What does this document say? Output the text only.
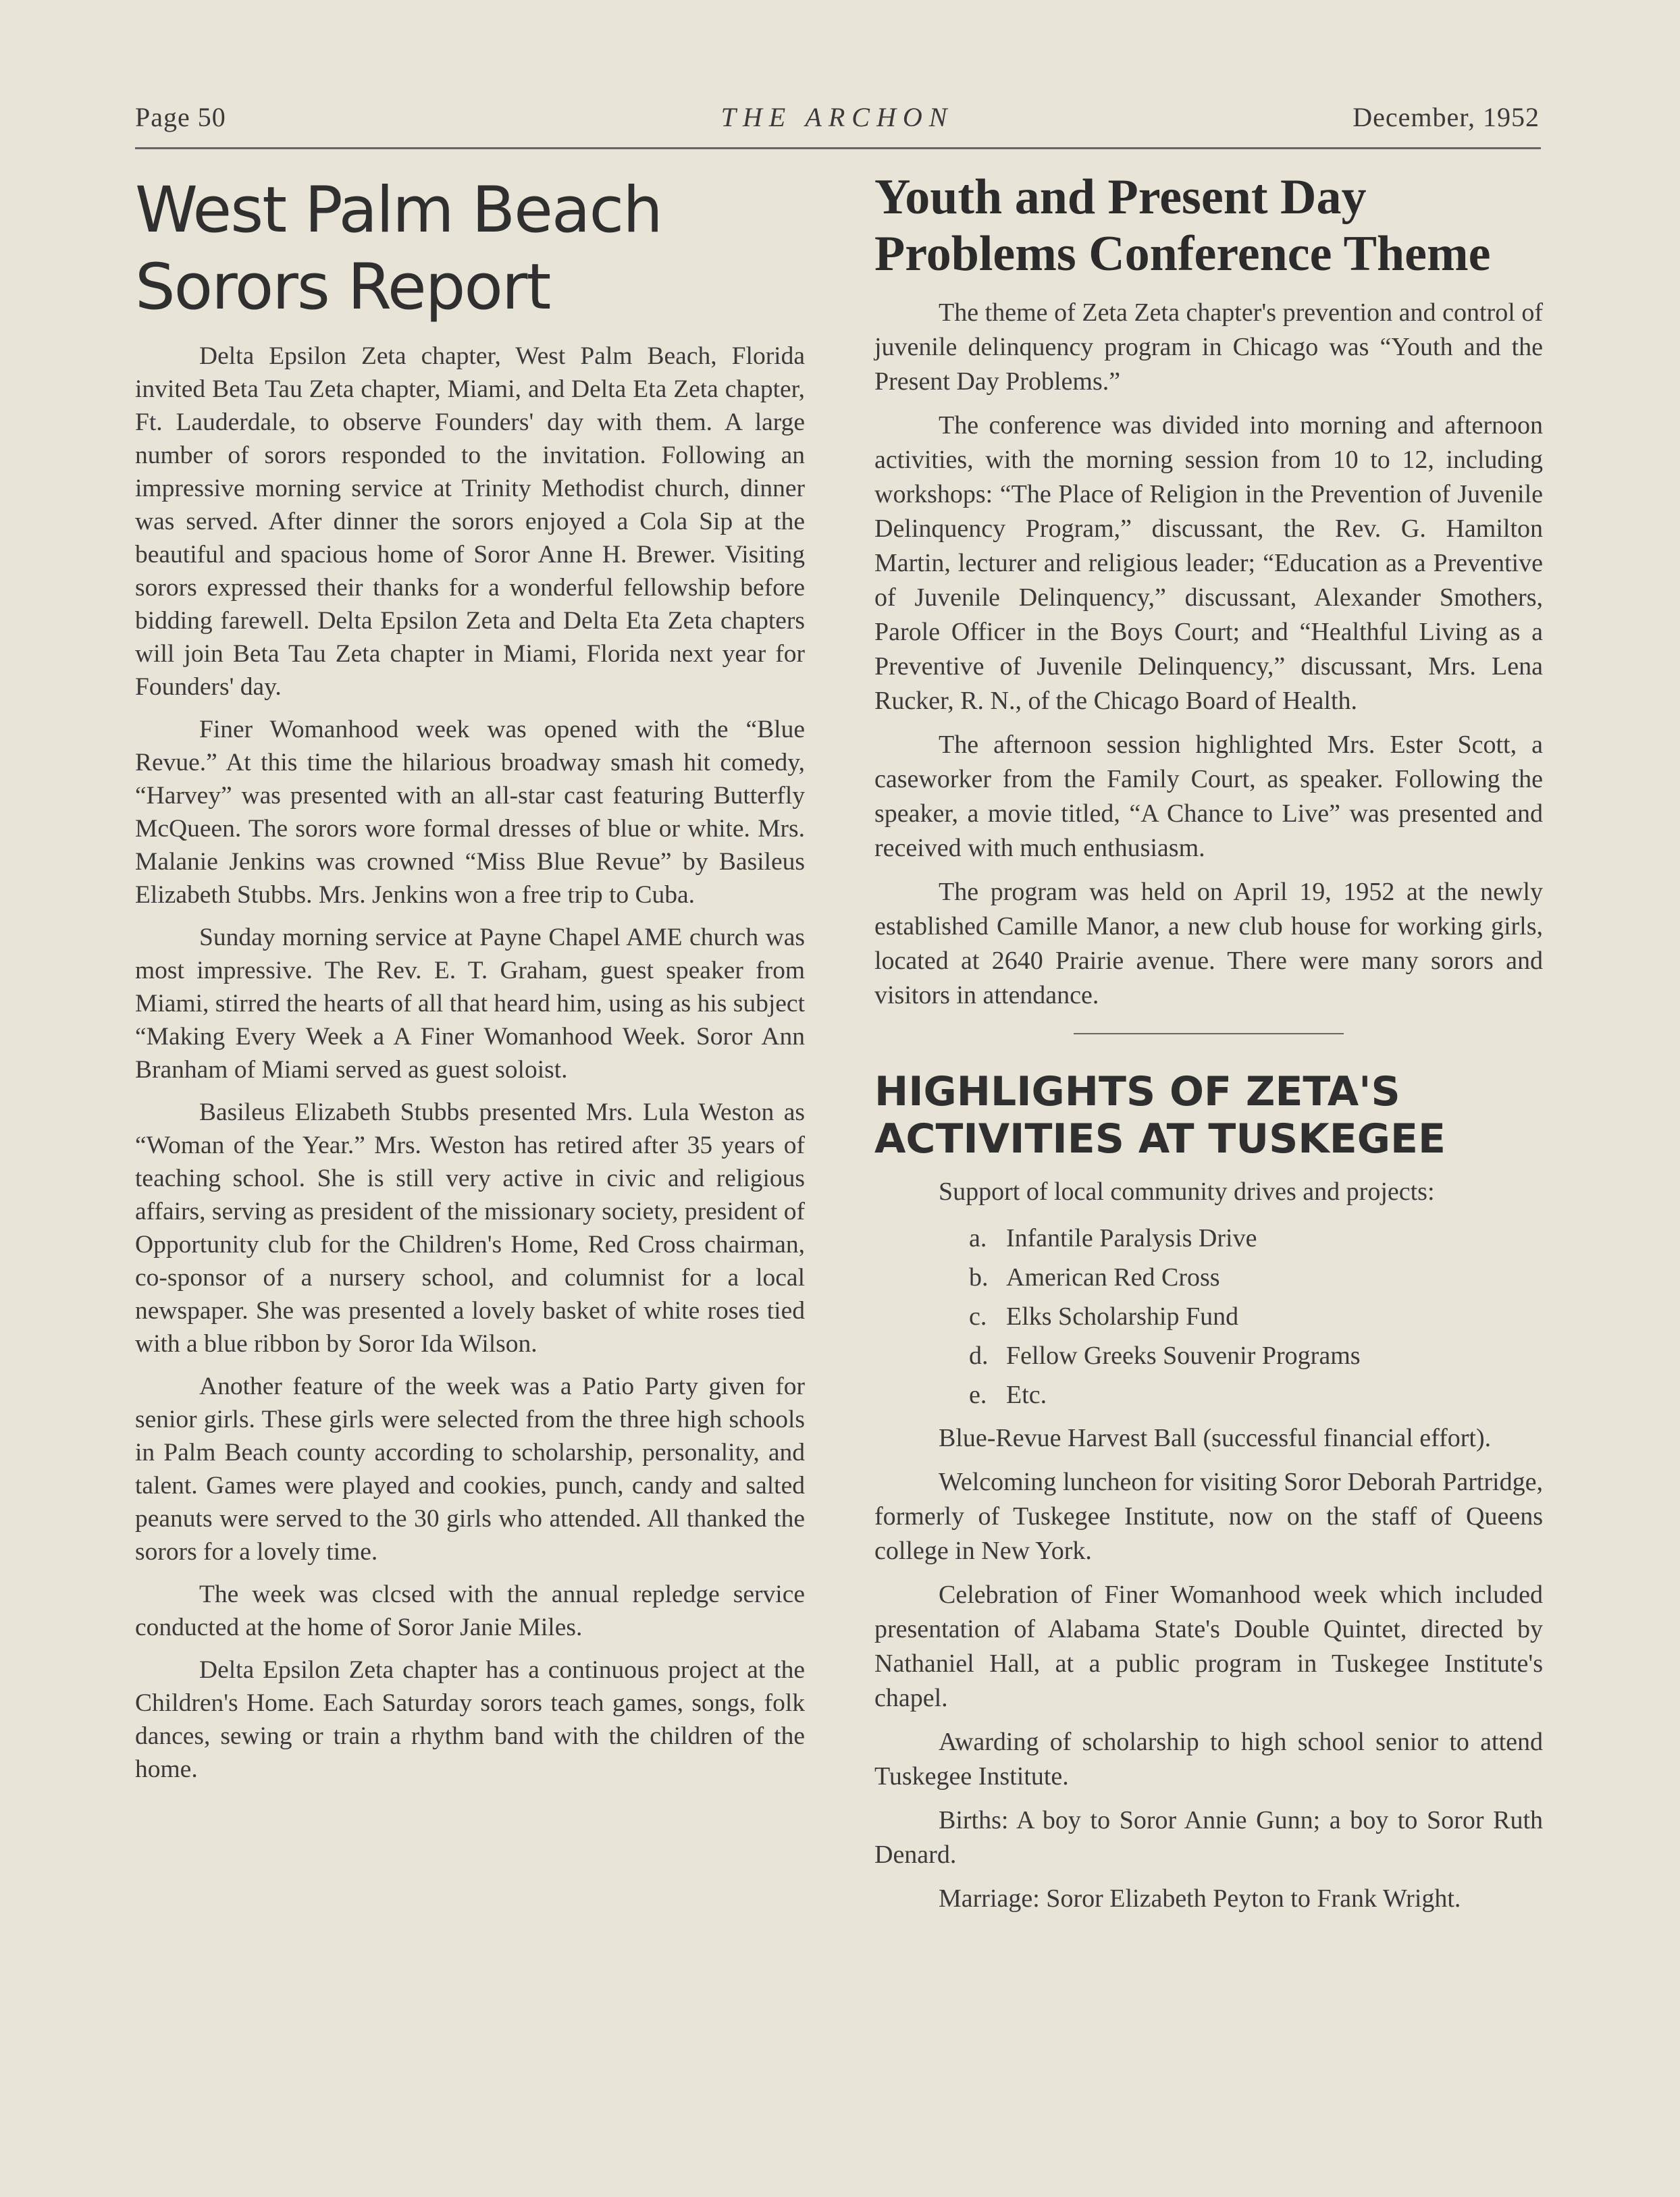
Page 50	THE ARCHON	December, 1952
West Palm Beach Sorors Report

Delta Epsilon Zeta chapter, West Palm Beach, Florida invited Beta Tau Zeta chapter, Miami, and Delta Eta Zeta chapter, Ft. Lauderdale, to observe Founders' day with them. A large number of sorors responded to the invitation. Following an impressive morning service at Trinity Methodist church, dinner was served. After dinner the sorors enjoyed a Cola Sip at the beautiful and spacious home of Soror Anne H. Brewer. Visiting sorors expressed their thanks for a wonderful fellowship before bidding farewell. Delta Epsilon Zeta and Delta Eta Zeta chapters will join Beta Tau Zeta chapter in Miami, Florida next year for Founders' day.

Finer Womanhood week was opened with the “Blue Revue.” At this time the hilarious broadway smash hit comedy, “Harvey” was presented with an all-star cast featuring Butterfly McQueen. The sorors wore formal dresses of blue or white. Mrs. Malanie Jenkins was crowned “Miss Blue Revue” by Basileus Elizabeth Stubbs. Mrs. Jenkins won a free trip to Cuba.

Sunday morning service at Payne Chapel AME church was most impressive. The Rev. E. T. Graham, guest speaker from Miami, stirred the hearts of all that heard him, using as his subject “Making Every Week a A Finer Womanhood Week. Soror Ann Branham of Miami served as guest soloist.

Basileus Elizabeth Stubbs presented Mrs. Lula Weston as “Woman of the Year.” Mrs. Weston has retired after 35 years of teaching school. She is still very active in civic and religious affairs, serving as president of the missionary society, president of Opportunity club for the Children's Home, Red Cross chairman, co-sponsor of a nursery school, and columnist for a local newspaper. She was presented a lovely basket of white roses tied with a blue ribbon by Soror Ida Wilson.

Another feature of the week was a Patio Party given for senior girls. These girls were selected from the three high schools in Palm Beach county according to scholarship, personality, and talent. Games were played and cookies, punch, candy and salted peanuts were served to the 30 girls who attended. All thanked the sorors for a lovely time.

The week was clcsed with the annual repledge service conducted at the home of Soror Janie Miles.

Delta Epsilon Zeta chapter has a continuous project at the Children's Home. Each Saturday sorors teach games, songs, folk dances, sewing or train a rhythm band with the children of the home.

Youth and Present Day Problems Conference Theme

The theme of Zeta Zeta chapter's prevention and control of juvenile delinquency program in Chicago was “Youth and the Present Day Problems.”

The conference was divided into morning and afternoon activities, with the morning session from 10 to 12, including workshops: “The Place of Religion in the Prevention of Juvenile Delinquency Program,” discussant, the Rev. G. Hamilton Martin, lecturer and religious leader; “Education as a Preventive of Juvenile Delinquency,” discussant, Alexander Smothers, Parole Officer in the Boys Court; and “Healthful Living as a Preventive of Juvenile Delinquency,” discussant, Mrs. Lena Rucker, R. N., of the Chicago Board of Health.

The afternoon session highlighted Mrs. Ester Scott, a caseworker from the Family Court, as speaker. Following the speaker, a movie titled, “A Chance to Live” was presented and received with much enthusiasm.

The program was held on April 19, 1952 at the newly established Camille Manor, a new club house for working girls, located at 2640 Prairie avenue. There were many sorors and visitors in attendance.

HIGHLIGHTS OF ZETA'S ACTIVITIES AT TUSKEGEE

Support of local community drives and projects:

a. Infantile Paralysis Drive
b. American Red Cross
c. Elks Scholarship Fund
d. Fellow Greeks Souvenir Programs
e. Etc.

Blue-Revue Harvest Ball (successful financial effort).

Welcoming luncheon for visiting Soror Deborah Partridge, formerly of Tuskegee Institute, now on the staff of Queens college in New York.

Celebration of Finer Womanhood week which included presentation of Alabama State's Double Quintet, directed by Nathaniel Hall, at a public program in Tuskegee Institute's chapel.

Awarding of scholarship to high school senior to attend Tuskegee Institute.

Births: A boy to Soror Annie Gunn; a boy to Soror Ruth Denard.

Marriage: Soror Elizabeth Peyton to Frank Wright.
